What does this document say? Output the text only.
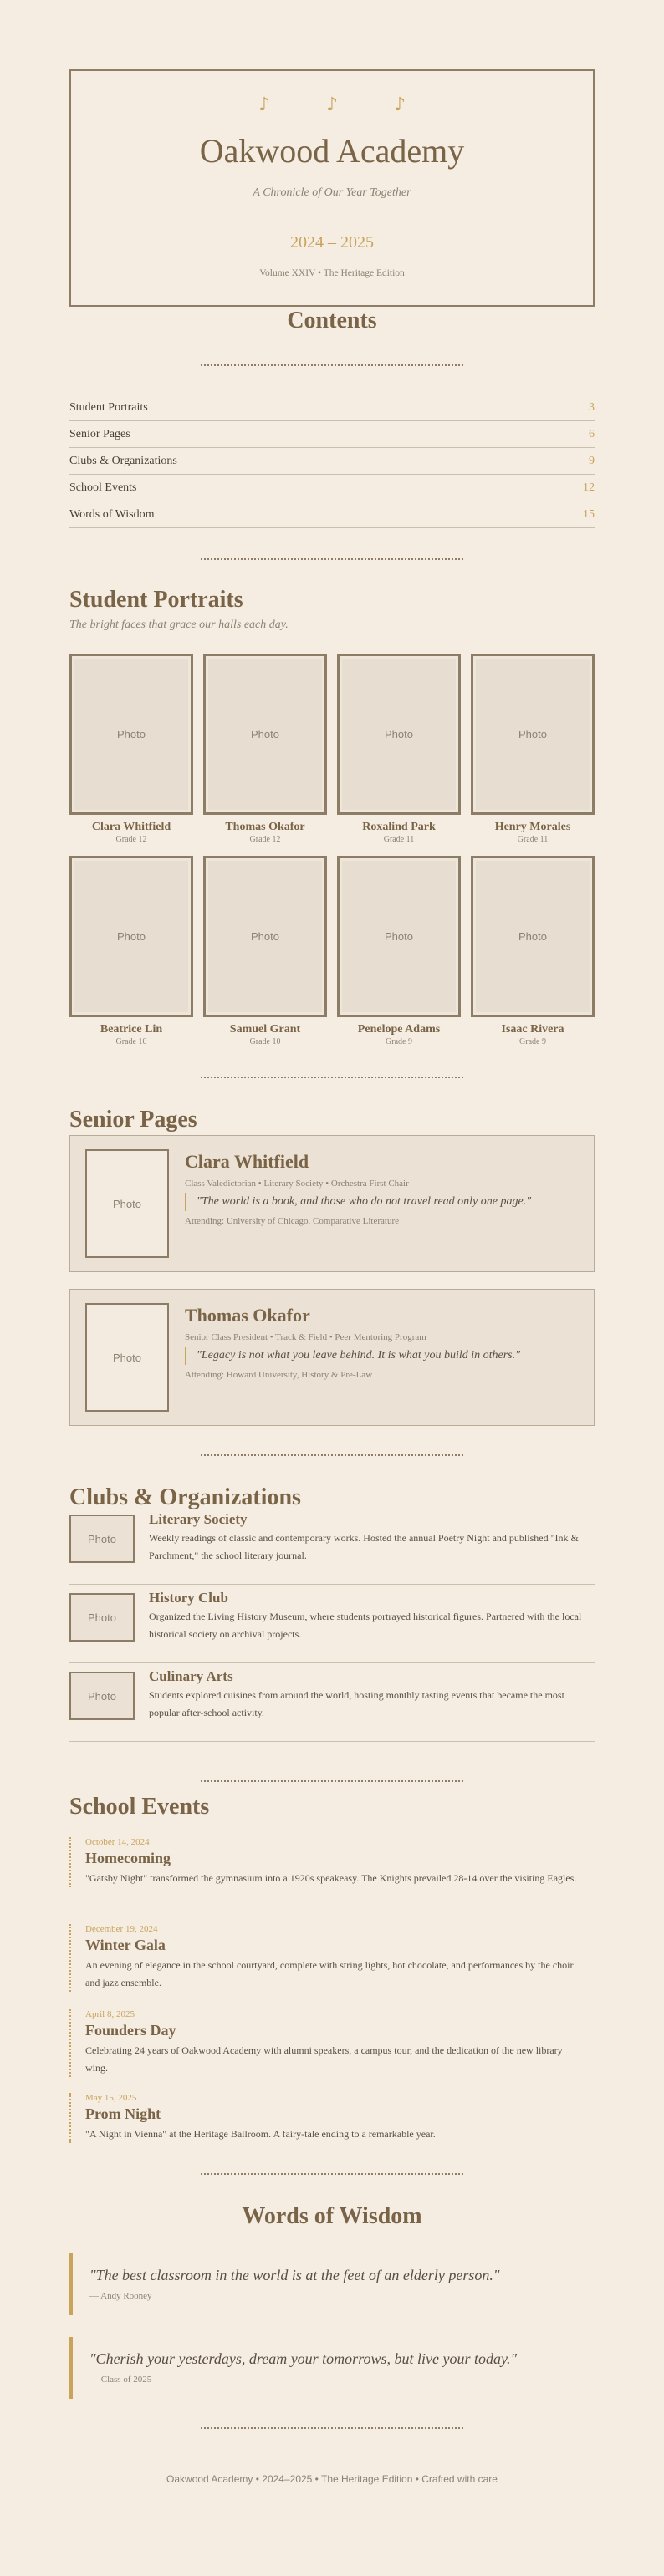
♪ ♪ ♪
Oakwood Academy
A Chronicle of Our Year Together
2024 – 2025
Volume XXIV • The Heritage Edition
Contents
Student Portraits	3
Senior Pages	6
Clubs & Organizations	9
School Events	12
Words of Wisdom	15
Student Portraits
The bright faces that grace our halls each day.
Photo
Clara Whitfield
Grade 12
Photo
Thomas Okafor
Grade 12
Photo
Roxalind Park
Grade 11
Photo
Henry Morales
Grade 11
Photo
Beatrice Lin
Grade 10
Photo
Samuel Grant
Grade 10
Photo
Penelope Adams
Grade 9
Photo
Isaac Rivera
Grade 9
Senior Pages
Photo
Clara Whitfield
Class Valedictorian • Literary Society • Orchestra First Chair
"The world is a book, and those who do not travel read only one page."
Attending: University of Chicago, Comparative Literature
Photo
Thomas Okafor
Senior Class President • Track & Field • Peer Mentoring Program
"Legacy is not what you leave behind. It is what you build in others."
Attending: Howard University, History & Pre-Law
Clubs & Organizations
Photo
Literary Society
Weekly readings of classic and contemporary works. Hosted the annual Poetry Night and published "Ink & Parchment," the school literary journal.
Photo
History Club
Organized the Living History Museum, where students portrayed historical figures. Partnered with the local historical society on archival projects.
Photo
Culinary Arts
Students explored cuisines from around the world, hosting monthly tasting events that became the most popular after-school activity.
School Events
October 14, 2024
Homecoming
"Gatsby Night" transformed the gymnasium into a 1920s speakeasy. The Knights prevailed 28-14 over the visiting Eagles.
December 19, 2024
Winter Gala
An evening of elegance in the school courtyard, complete with string lights, hot chocolate, and performances by the choir and jazz ensemble.
April 8, 2025
Founders Day
Celebrating 24 years of Oakwood Academy with alumni speakers, a campus tour, and the dedication of the new library wing.
May 15, 2025
Prom Night
"A Night in Vienna" at the Heritage Ballroom. A fairy-tale ending to a remarkable year.
Words of Wisdom
"The best classroom in the world is at the feet of an elderly person."
— Andy Rooney
"Cherish your yesterdays, dream your tomorrows, but live your today."
— Class of 2025
Oakwood Academy • 2024–2025 • The Heritage Edition • Crafted with care
